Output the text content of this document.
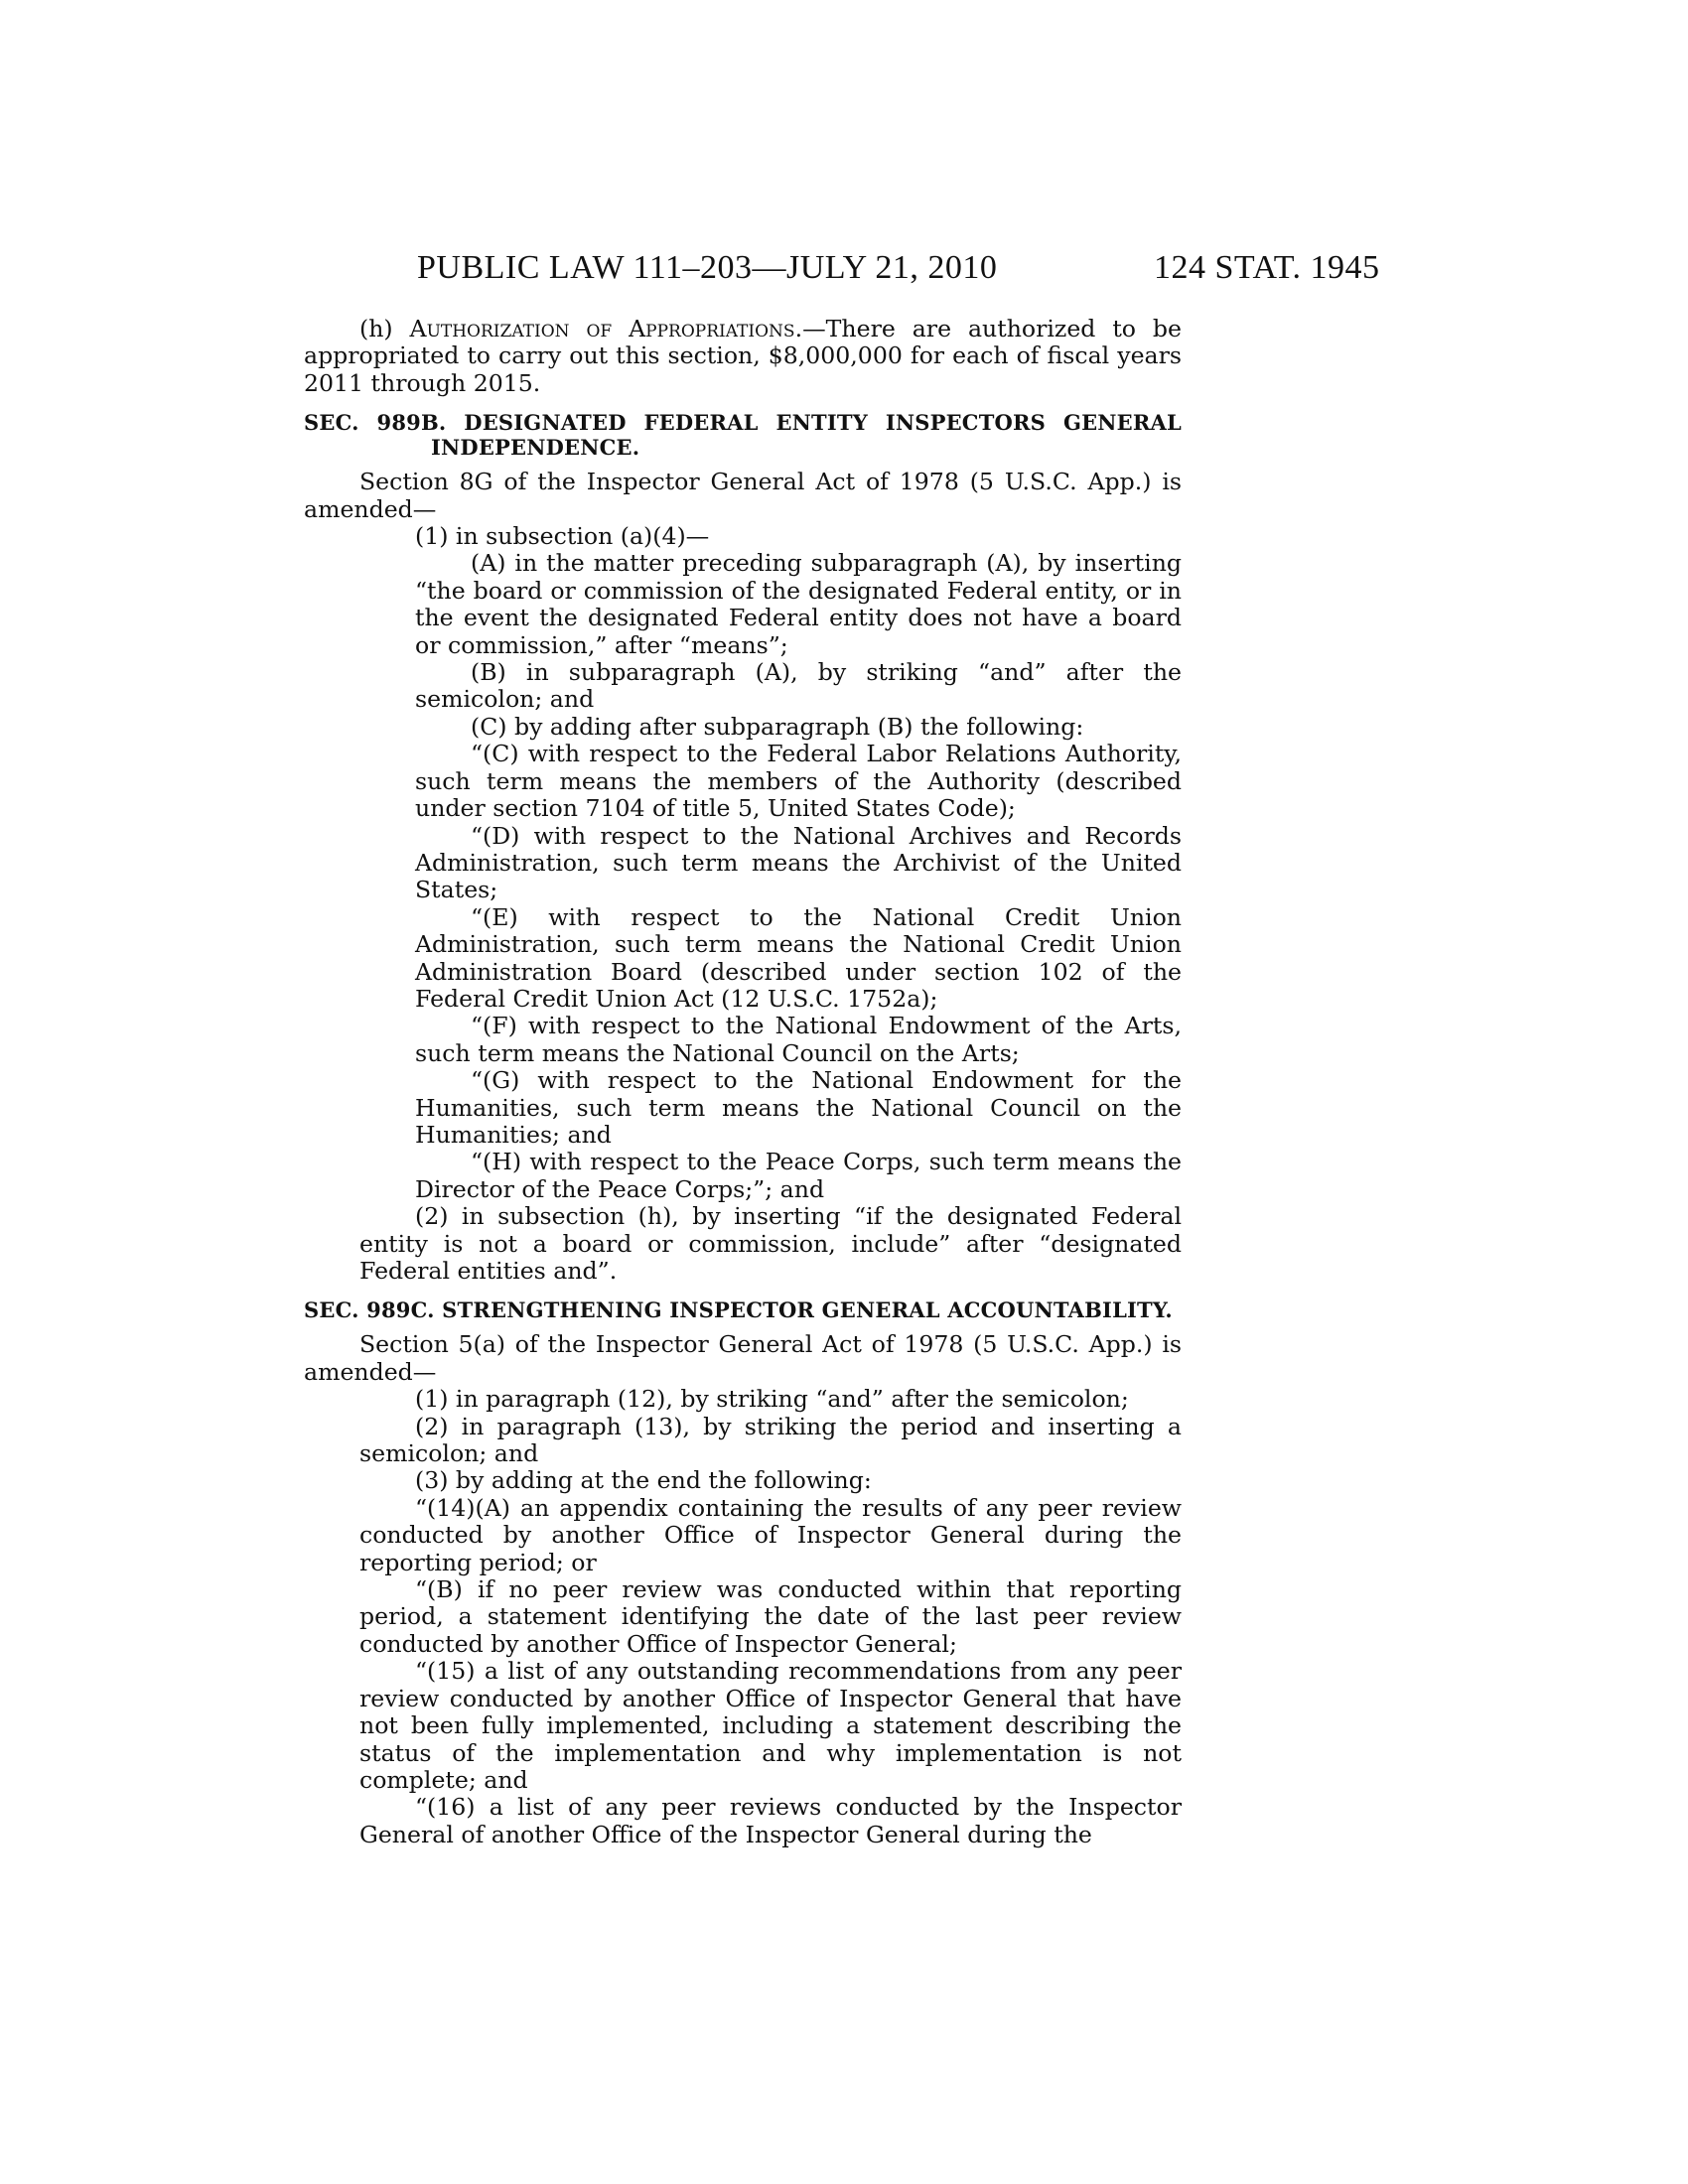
PUBLIC LAW 111–203—JULY 21, 2010	124 STAT. 1945

(h) Authorization of Appropriations.—There are authorized to be appropriated to carry out this section, $8,000,000 for each of fiscal years 2011 through 2015.

SEC. 989B. DESIGNATED FEDERAL ENTITY INSPECTORS GENERAL INDEPENDENCE.

Section 8G of the Inspector General Act of 1978 (5 U.S.C. App.) is amended—

(1) in subsection (a)(4)—

(A) in the matter preceding subparagraph (A), by inserting “the board or commission of the designated Federal entity, or in the event the designated Federal entity does not have a board or commission,” after “means”;

(B) in subparagraph (A), by striking “and” after the semicolon; and

(C) by adding after subparagraph (B) the following:

“(C) with respect to the Federal Labor Relations Authority, such term means the members of the Authority (described under section 7104 of title 5, United States Code);

“(D) with respect to the National Archives and Records Administration, such term means the Archivist of the United States;

“(E) with respect to the National Credit Union Administration, such term means the National Credit Union Administration Board (described under section 102 of the Federal Credit Union Act (12 U.S.C. 1752a);

“(F) with respect to the National Endowment of the Arts, such term means the National Council on the Arts;

“(G) with respect to the National Endowment for the Humanities, such term means the National Council on the Humanities; and

“(H) with respect to the Peace Corps, such term means the Director of the Peace Corps;”; and

(2) in subsection (h), by inserting “if the designated Federal entity is not a board or commission, include” after “designated Federal entities and”.

SEC. 989C. STRENGTHENING INSPECTOR GENERAL ACCOUNTABILITY.

Section 5(a) of the Inspector General Act of 1978 (5 U.S.C. App.) is amended—

(1) in paragraph (12), by striking “and” after the semicolon;

(2) in paragraph (13), by striking the period and inserting a semicolon; and

(3) by adding at the end the following:

“(14)(A) an appendix containing the results of any peer review conducted by another Office of Inspector General during the reporting period; or

“(B) if no peer review was conducted within that reporting period, a statement identifying the date of the last peer review conducted by another Office of Inspector General;

“(15) a list of any outstanding recommendations from any peer review conducted by another Office of Inspector General that have not been fully implemented, including a statement describing the status of the implementation and why implementation is not complete; and

“(16) a list of any peer reviews conducted by the Inspector General of another Office of the Inspector General during the
